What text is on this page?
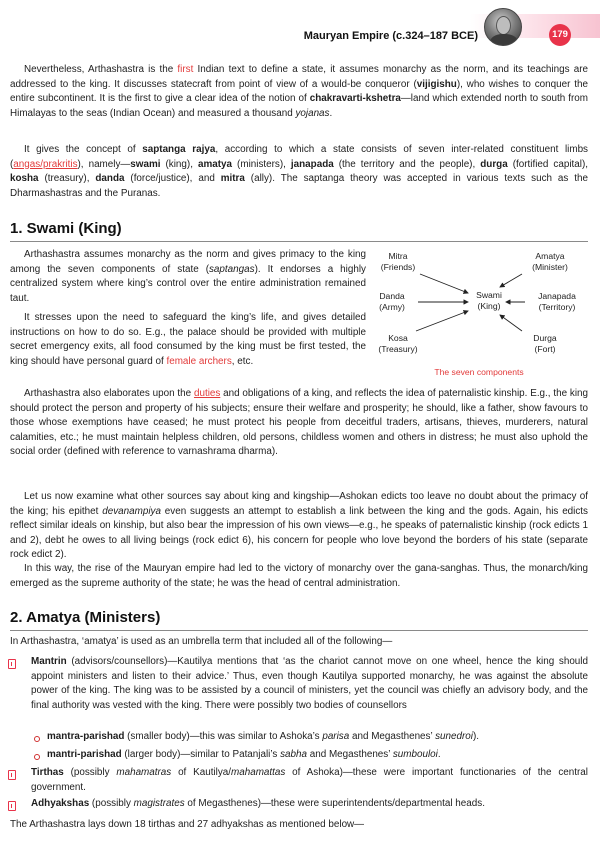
Mauryan Empire (c.324–187 BCE)	179

Nevertheless, Arthashastra is the first Indian text to define a state, it assumes monarchy as the norm, and its teachings are addressed to the king. It discusses statecraft from point of view of a would-be conqueror (vijigishu), who wishes to conquer the entire subcontinent. It is the first to give a clear idea of the notion of chakravarti-kshetra—land which extended north to south from Himalayas to the seas (Indian Ocean) and measured a thousand yojanas.

It gives the concept of saptanga rajya, according to which a state consists of seven inter-related constituent limbs (angas/prakritis), namely—swami (king), amatya (ministers), janapada (the territory and the people), durga (fortified capital), kosha (treasury), danda (force/justice), and mitra (ally). The saptanga theory was accepted in various texts such as the Dharmashastras and the Puranas.

1. Swami (King)

Arthashastra assumes monarchy as the norm and gives primacy to the king among the seven components of state (saptangas). It endorses a highly centralized system where king’s control over the entire administration remained taut.

It stresses upon the need to safeguard the king’s life, and gives detailed instructions on how to do so. E.g., the palace should be provided with multiple secret emergency exits, all food consumed by the king must be first tested, the king should have personal guard of female archers, etc.

Swami
(King)
Mitra
(Friends)
Amatya
(Minister)
Danda
(Army)
Janapada
(Territory)
Kosa
(Treasury)
Durga
(Fort)
The seven components

Arthashastra also elaborates upon the duties and obligations of a king, and reflects the idea of paternalistic kinship. E.g., the king should protect the person and property of his subjects; ensure their welfare and prosperity; he should, like a father, show favours to those whose exemptions have ceased; he must protect his people from deceitful traders, artisans, thieves, murderers, natural calamities, etc.; he must maintain helpless children, old persons, childless women and others in distress; he must also uphold the social order (defined with reference to varnashrama dharma).

Let us now examine what other sources say about king and kingship—Ashokan edicts too leave no doubt about the primacy of the king; his epithet devanampiya even suggests an attempt to establish a link between the king and the gods. Again, his edicts reflect similar ideals on kinship, but also bear the impression of his own views—e.g., he speaks of paternalistic kinship (rock edicts 1 and 2), debt he owes to all living beings (rock edict 6), his concern for people who love beyond the borders of his state (separate rock edict 2).

In this way, the rise of the Mauryan empire had led to the victory of monarchy over the gana-sanghas. Thus, the monarch/king emerged as the supreme authority of the state; he was the head of central administration.

2. Amatya (Ministers)

In Arthashastra, ‘amatya’ is used as an umbrella term that included all of the following—

Mantrin (advisors/counsellors)—Kautilya mentions that ‘as the chariot cannot move on one wheel, hence the king should appoint ministers and listen to their advice.’ Thus, even though Kautilya supported monarchy, he was against the absolute power of the king. The king was to be assisted by a council of ministers, yet the council was chiefly an advisory body, and the final authority was vested with the king. There were possibly two bodies of counsellors
mantra-parishad (smaller body)—this was similar to Ashoka’s parisa and Megasthenes’ sunedroi).
mantri-parishad (larger body)—similar to Patanjali’s sabha and Megasthenes’ sumbouloi.
Tirthas (possibly mahamatras of Kautilya/mahamattas of Ashoka)—these were important functionaries of the central government.
Adhyakshas (possibly magistrates of Megasthenes)—these were superintendents/departmental heads.

The Arthashastra lays down 18 tirthas and 27 adhyakshas as mentioned below—
